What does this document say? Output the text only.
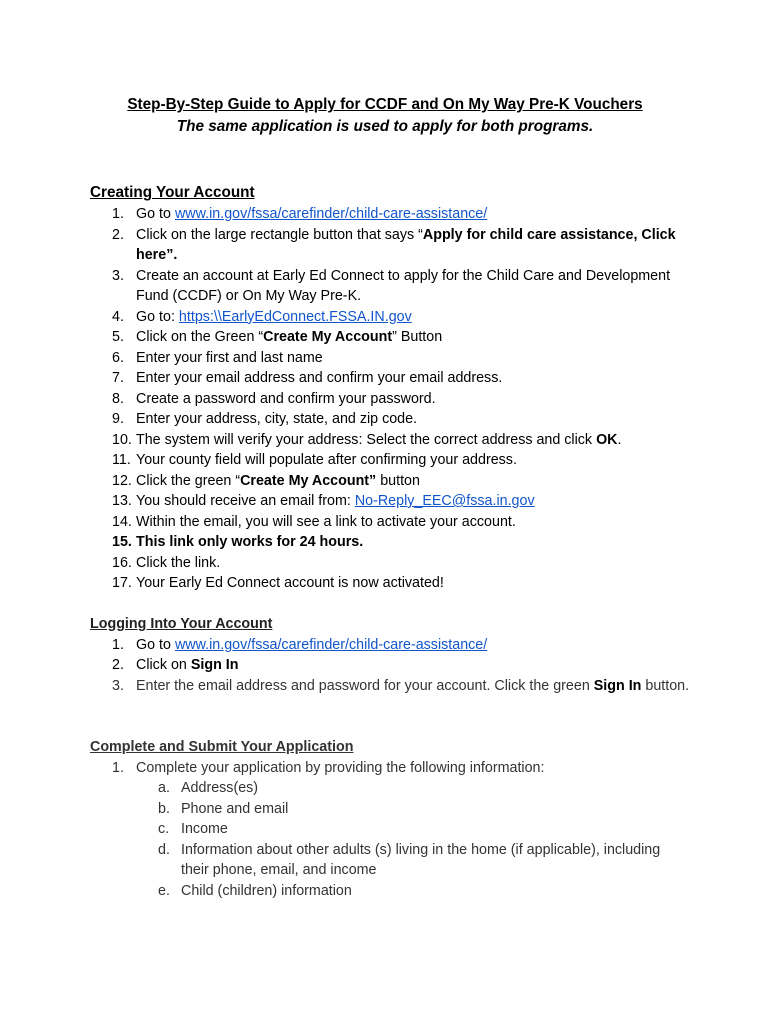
Step-By-Step Guide to Apply for CCDF and On My Way Pre-K Vouchers
The same application is used to apply for both programs.
Creating Your Account
1. Go to www.in.gov/fssa/carefinder/child-care-assistance/
2. Click on the large rectangle button that says “Apply for child care assistance, Click here”.
3. Create an account at Early Ed Connect to apply for the Child Care and Development Fund (CCDF) or On My Way Pre-K.
4. Go to: https:\\EarlyEdConnect.FSSA.IN.gov
5. Click on the Green “Create My Account” Button
6. Enter your first and last name
7. Enter your email address and confirm your email address.
8. Create a password and confirm your password.
9. Enter your address, city, state, and zip code.
10. The system will verify your address: Select the correct address and click OK.
11. Your county field will populate after confirming your address.
12. Click the green “Create My Account” button
13. You should receive an email from: No-Reply_EEC@fssa.in.gov
14. Within the email, you will see a link to activate your account.
15. This link only works for 24 hours.
16. Click the link.
17. Your Early Ed Connect account is now activated!
Logging Into Your Account
1. Go to www.in.gov/fssa/carefinder/child-care-assistance/
2. Click on Sign In
3. Enter the email address and password for your account. Click the green Sign In button.
Complete and Submit Your Application
1. Complete your application by providing the following information:
a. Address(es)
b. Phone and email
c. Income
d. Information about other adults (s) living in the home (if applicable), including their phone, email, and income
e. Child (children) information
